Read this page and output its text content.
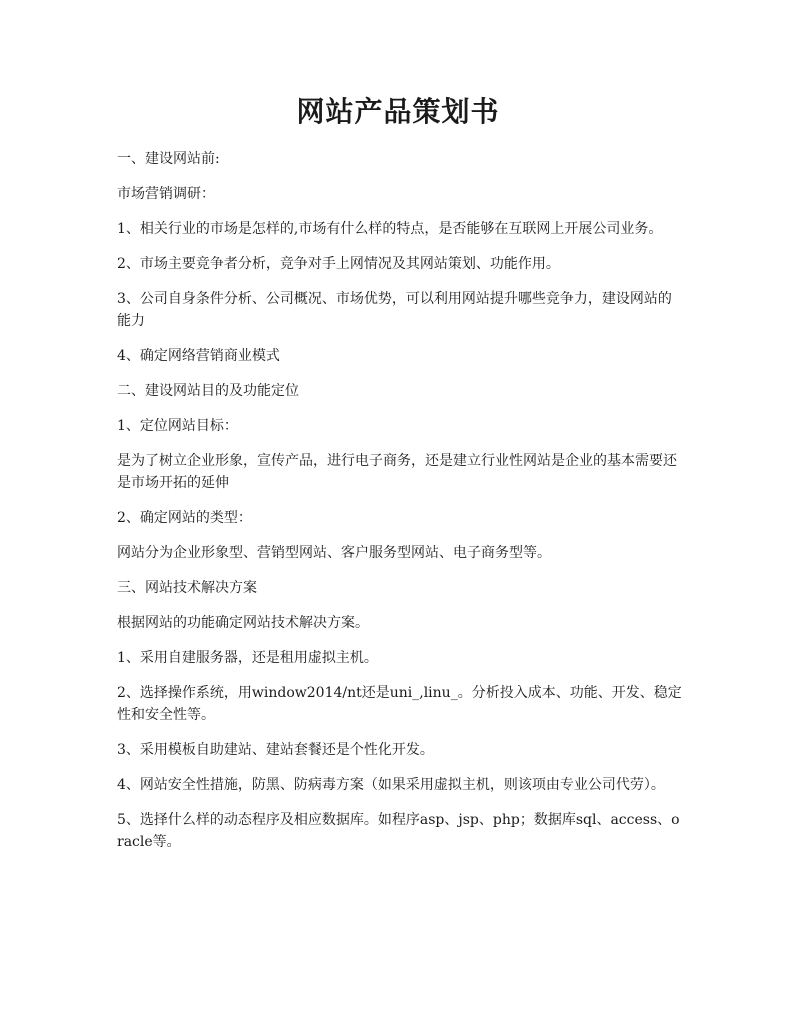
网站产品策划书

一、建设网站前:

市场营销调研：

1、相关行业的市场是怎样的,市场有什么样的特点，是否能够在互联网上开展公司业务。

2、市场主要竞争者分析，竞争对手上网情况及其网站策划、功能作用。

3、公司自身条件分析、公司概况、市场优势，可以利用网站提升哪些竞争力，建设网站的能力

4、确定网络营销商业模式

二、建设网站目的及功能定位

1、定位网站目标：

是为了树立企业形象，宣传产品，进行电子商务，还是建立行业性网站是企业的基本需要还是市场开拓的延伸

2、确定网站的类型：

网站分为企业形象型、营销型网站、客户服务型网站、电子商务型等。

三、网站技术解决方案

根据网站的功能确定网站技术解决方案。

1、采用自建服务器，还是租用虚拟主机。

2、选择操作系统，用window2014/nt还是uni_,linu_。分析投入成本、功能、开发、稳定性和安全性等。

3、采用模板自助建站、建站套餐还是个性化开发。

4、网站安全性措施，防黑、防病毒方案（如果采用虚拟主机，则该项由专业公司代劳）。

5、选择什么样的动态程序及相应数据库。如程序asp、jsp、php；数据库sql、access、oracle等。
